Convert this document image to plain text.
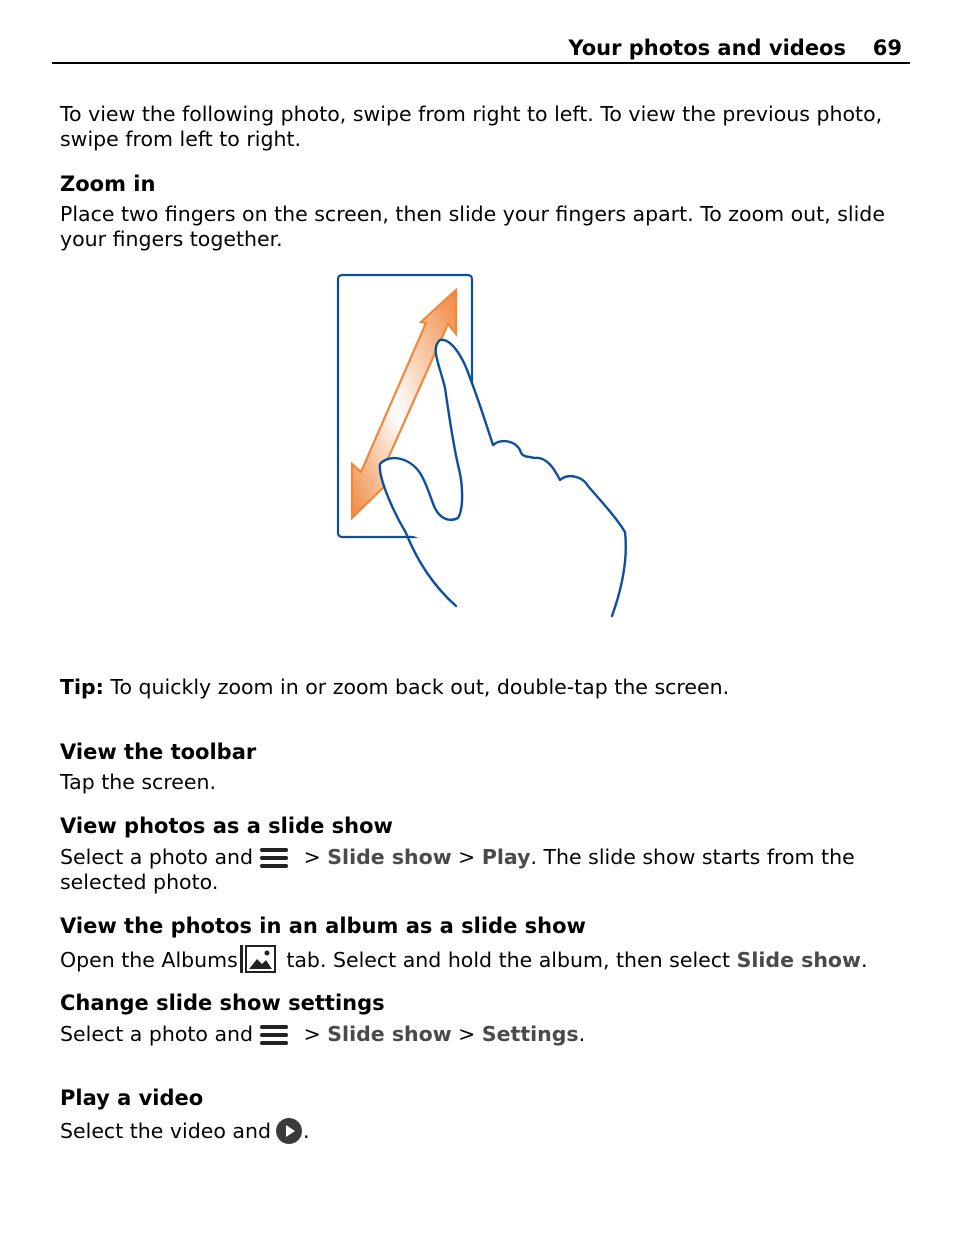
Your photos and videos 69

To view the following photo, swipe from right to left. To view the previous photo, swipe from left to right.

Zoom in

Place two fingers on the screen, then slide your fingers apart. To zoom out, slide your fingers together.

Tip: To quickly zoom in or zoom back out, double-tap the screen.

View the toolbar

Tap the screen.

View photos as a slide show

Select a photo and > Slide show > Play. The slide show starts from the selected photo.

View the photos in an album as a slide show

Open the Albums tab. Select and hold the album, then select Slide show.

Change slide show settings

Select a photo and > Slide show > Settings.

Play a video

Select the video and .
